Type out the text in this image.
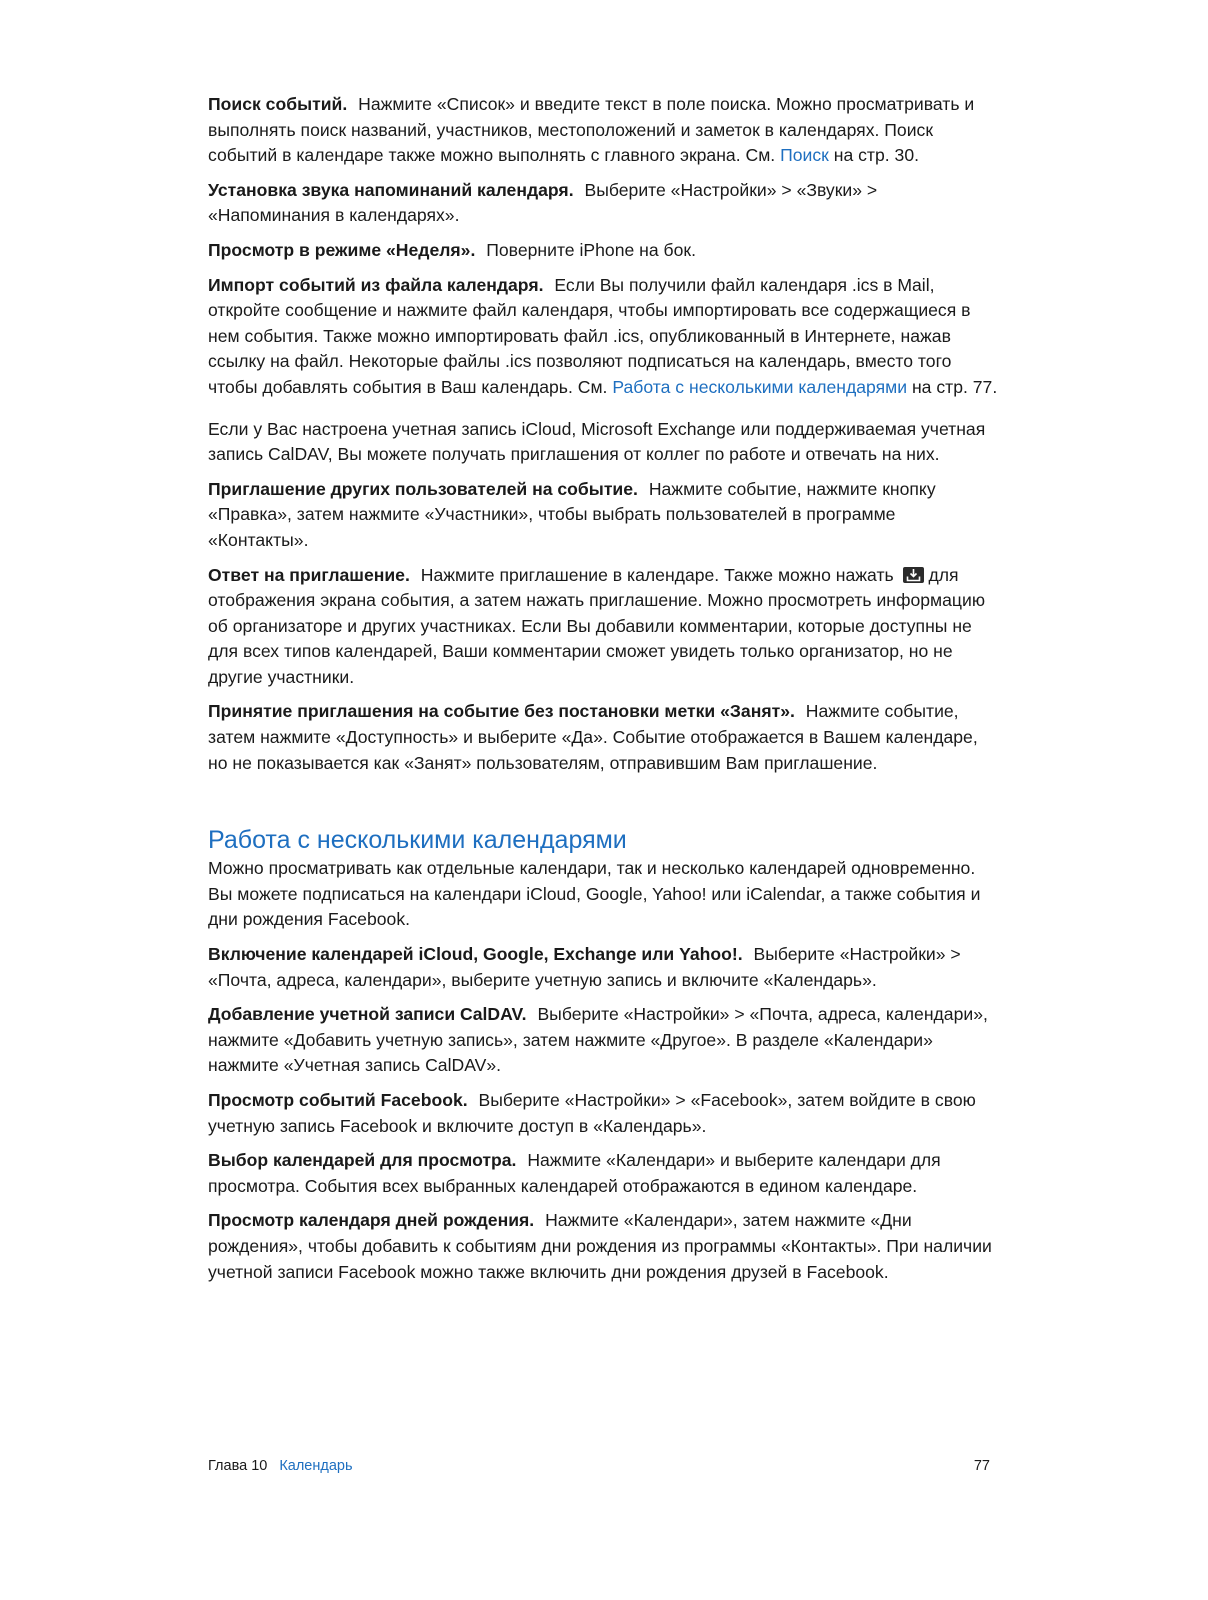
Поиск событий. Нажмите «Список» и введите текст в поле поиска. Можно просматривать и выполнять поиск названий, участников, местоположений и заметок в календарях. Поиск событий в календаре также можно выполнять с главного экрана. См. Поиск на стр. 30.

Установка звука напоминаний календаря. Выберите «Настройки» > «Звуки» > «Напоминания в календарях».

Просмотр в режиме «Неделя». Поверните iPhone на бок.

Импорт событий из файла календаря. Если Вы получили файл календаря .ics в Mail, откройте сообщение и нажмите файл календаря, чтобы импортировать все содержащиеся в нем события. Также можно импортировать файл .ics, опубликованный в Интернете, нажав ссылку на файл. Некоторые файлы .ics позволяют подписаться на календарь, вместо того чтобы добавлять события в Ваш календарь. См. Работа с несколькими календарями на стр. 77.

Если у Вас настроена учетная запись iCloud, Microsoft Exchange или поддерживаемая учетная запись CalDAV, Вы можете получать приглашения от коллег по работе и отвечать на них.

Приглашение других пользователей на событие. Нажмите событие, нажмите кнопку «Правка», затем нажмите «Участники», чтобы выбрать пользователей в программе «Контакты».

Ответ на приглашение. Нажмите приглашение в календаре. Также можно нажать
для отображения экрана события, а затем нажать приглашение. Можно просмотреть информацию об организаторе и других участниках. Если Вы добавили комментарии, которые доступны не для всех типов календарей, Ваши комментарии сможет увидеть только организатор, но не другие участники.

Принятие приглашения на событие без постановки метки «Занят». Нажмите событие, затем нажмите «Доступность» и выберите «Да». Событие отображается в Вашем календаре, но не показывается как «Занят» пользователям, отправившим Вам приглашение.

Работа с несколькими календарями

Можно просматривать как отдельные календари, так и несколько календарей одновременно. Вы можете подписаться на календари iCloud, Google, Yahoo! или iCalendar, а также события и дни рождения Facebook.

Включение календарей iCloud, Google, Exchange или Yahoo!. Выберите «Настройки» > «Почта, адреса, календари», выберите учетную запись и включите «Календарь».

Добавление учетной записи CalDAV. Выберите «Настройки» > «Почта, адреса, календари», нажмите «Добавить учетную запись», затем нажмите «Другое». В разделе «Календари» нажмите «Учетная запись CalDAV».

Просмотр событий Facebook. Выберите «Настройки» > «Facebook», затем войдите в свою учетную запись Facebook и включите доступ в «Календарь».

Выбор календарей для просмотра. Нажмите «Календари» и выберите календари для просмотра. События всех выбранных календарей отображаются в едином календаре.

Просмотр календаря дней рождения. Нажмите «Календари», затем нажмите «Дни рождения», чтобы добавить к событиям дни рождения из программы «Контакты». При наличии учетной записи Facebook можно также включить дни рождения друзей в Facebook.

Глава 10 Календарь	77
